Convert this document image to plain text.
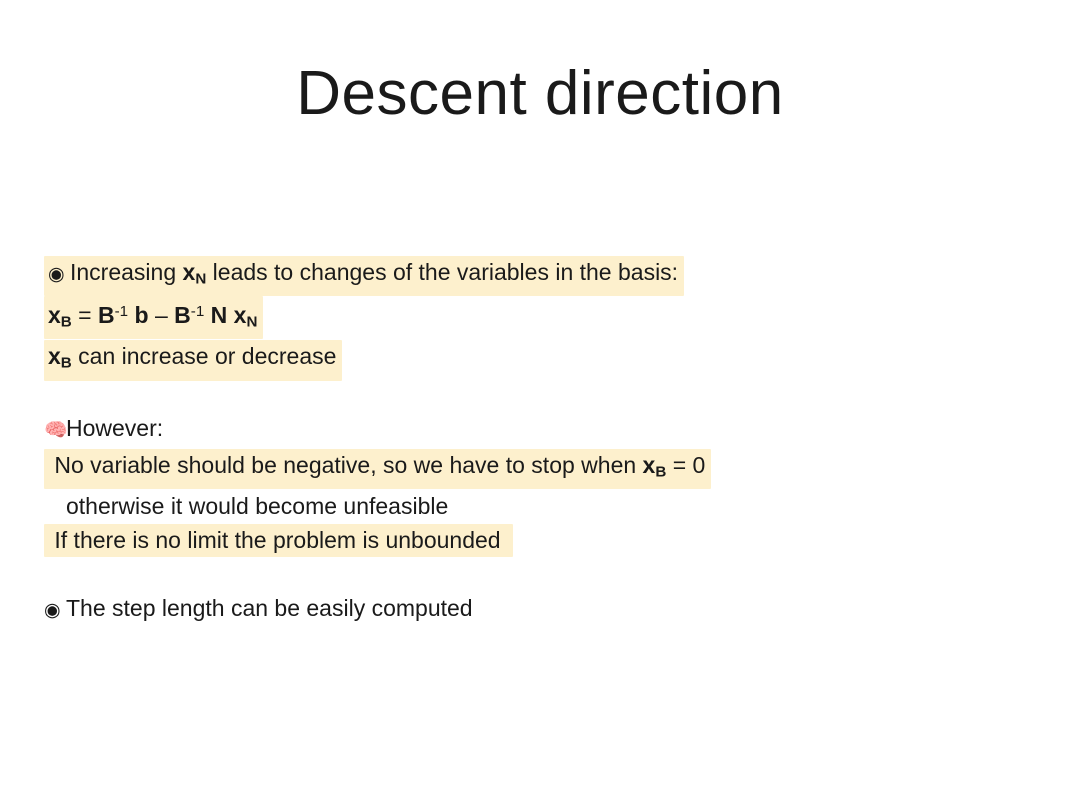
Descent direction
◉ Increasing $x_N$ leads to changes of the variables in the basis:
$x_B = B^{-1}$ b – $B^{-1}$ N $x_N$
$x_B$ can increase or decrease
🧠However:
No variable should be negative, so we have to stop when $x_B = 0$
otherwise it would become unfeasible
If there is no limit the problem is unbounded
◉ The step length can be easily computed
